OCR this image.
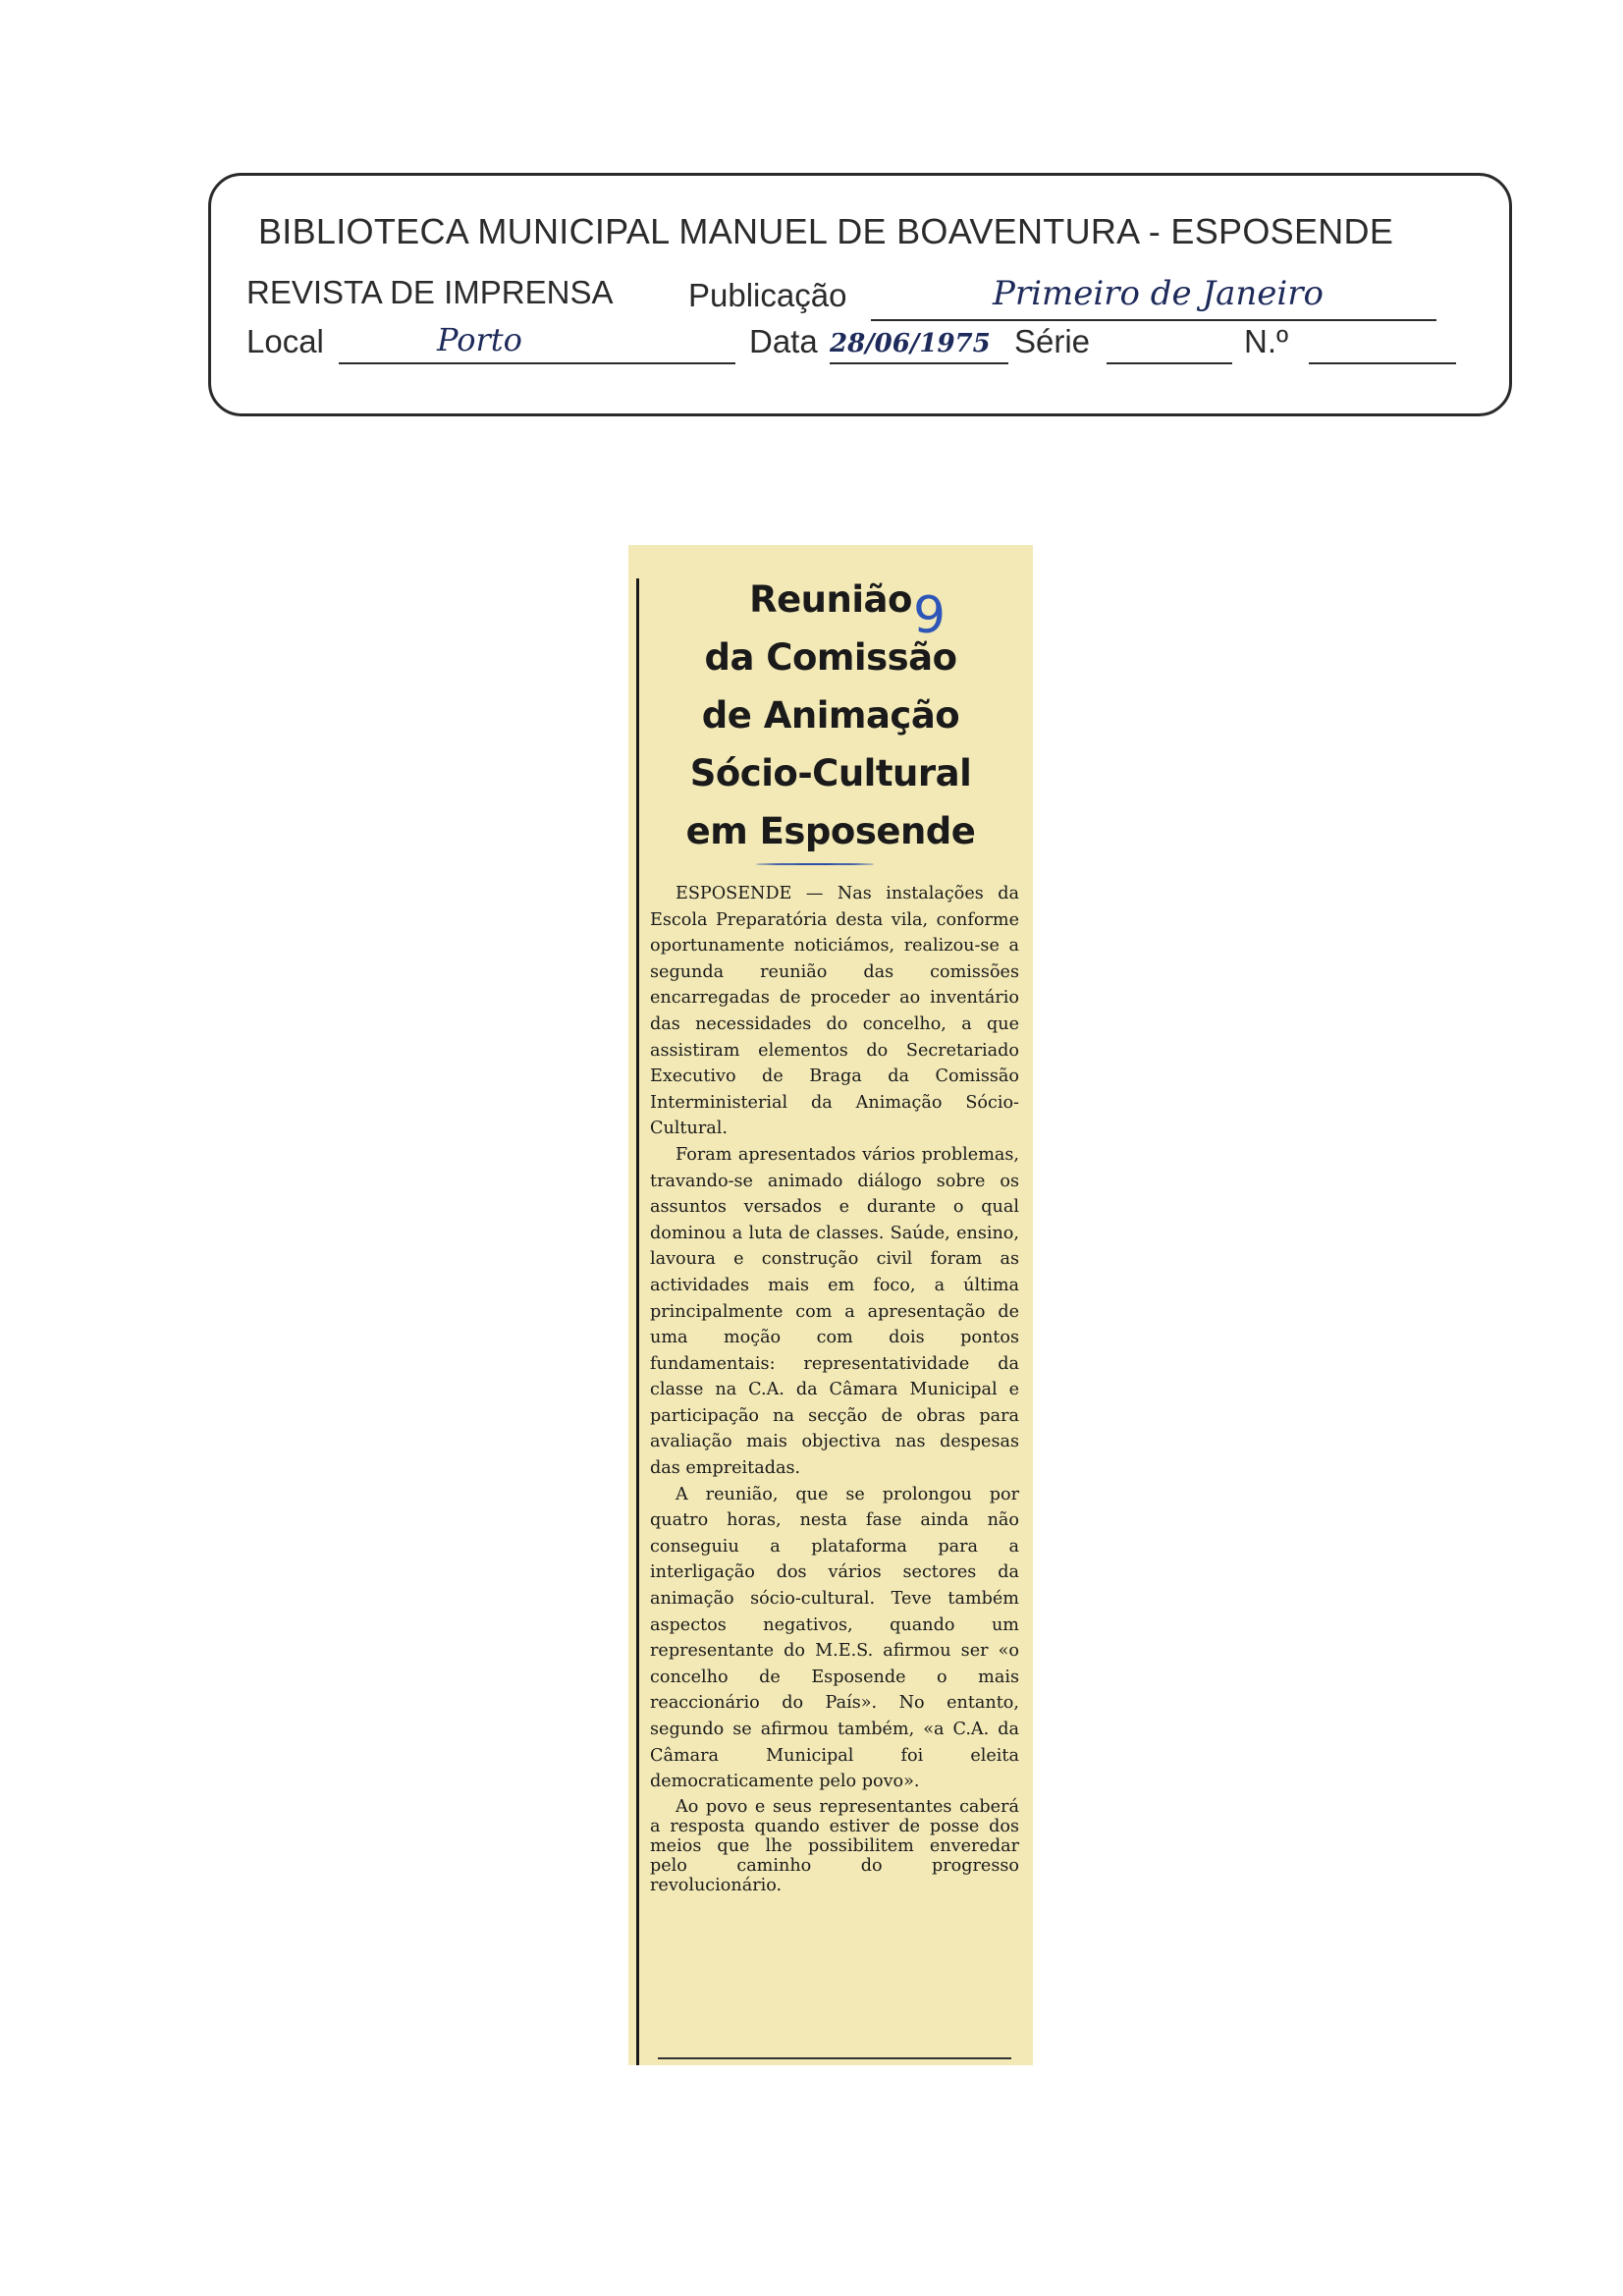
BIBLIOTECA MUNICIPAL MANUEL DE BOAVENTURA - ESPOSENDE
REVISTA DE IMPRENSA Publicação	Primeiro de Janeiro
Local	Porto	Data 28/06/1975 Série	N.º
Reunião
da Comissão
de Animação
Sócio-Cultural
em Esposende
9

ESPOSENDE — Nas instalações da Escola Preparatória desta vila, conforme oportunamente noticiámos, realizou-se a segunda reunião das comissões encarregadas de proceder ao inventário das necessidades do concelho, a que assistiram elementos do Secretariado Executivo de Braga da Comissão Interministerial da Animação Sócio-Cultural.

Foram apresentados vários problemas, travando-se animado diálogo sobre os assuntos versados e durante o qual dominou a luta de classes. Saúde, ensino, lavoura e construção civil foram as actividades mais em foco, a última principalmente com a apresentação de uma moção com dois pontos fundamentais: representatividade da classe na C.A. da Câmara Municipal e participação na secção de obras para avaliação mais objectiva nas despesas das empreitadas.

A reunião, que se prolongou por quatro horas, nesta fase ainda não conseguiu a plataforma para a interligação dos vários sectores da animação sócio-cultural. Teve também aspectos negativos, quando um representante do M.E.S. afirmou ser «o concelho de Esposende o mais reaccionário do País». No entanto, segundo se afirmou também, «a C.A. da Câmara Municipal foi eleita democraticamente pelo povo».

Ao povo e seus representantes caberá a resposta quando estiver de posse dos meios que lhe possibilitem enveredar pelo caminho do progresso revolucionário.
